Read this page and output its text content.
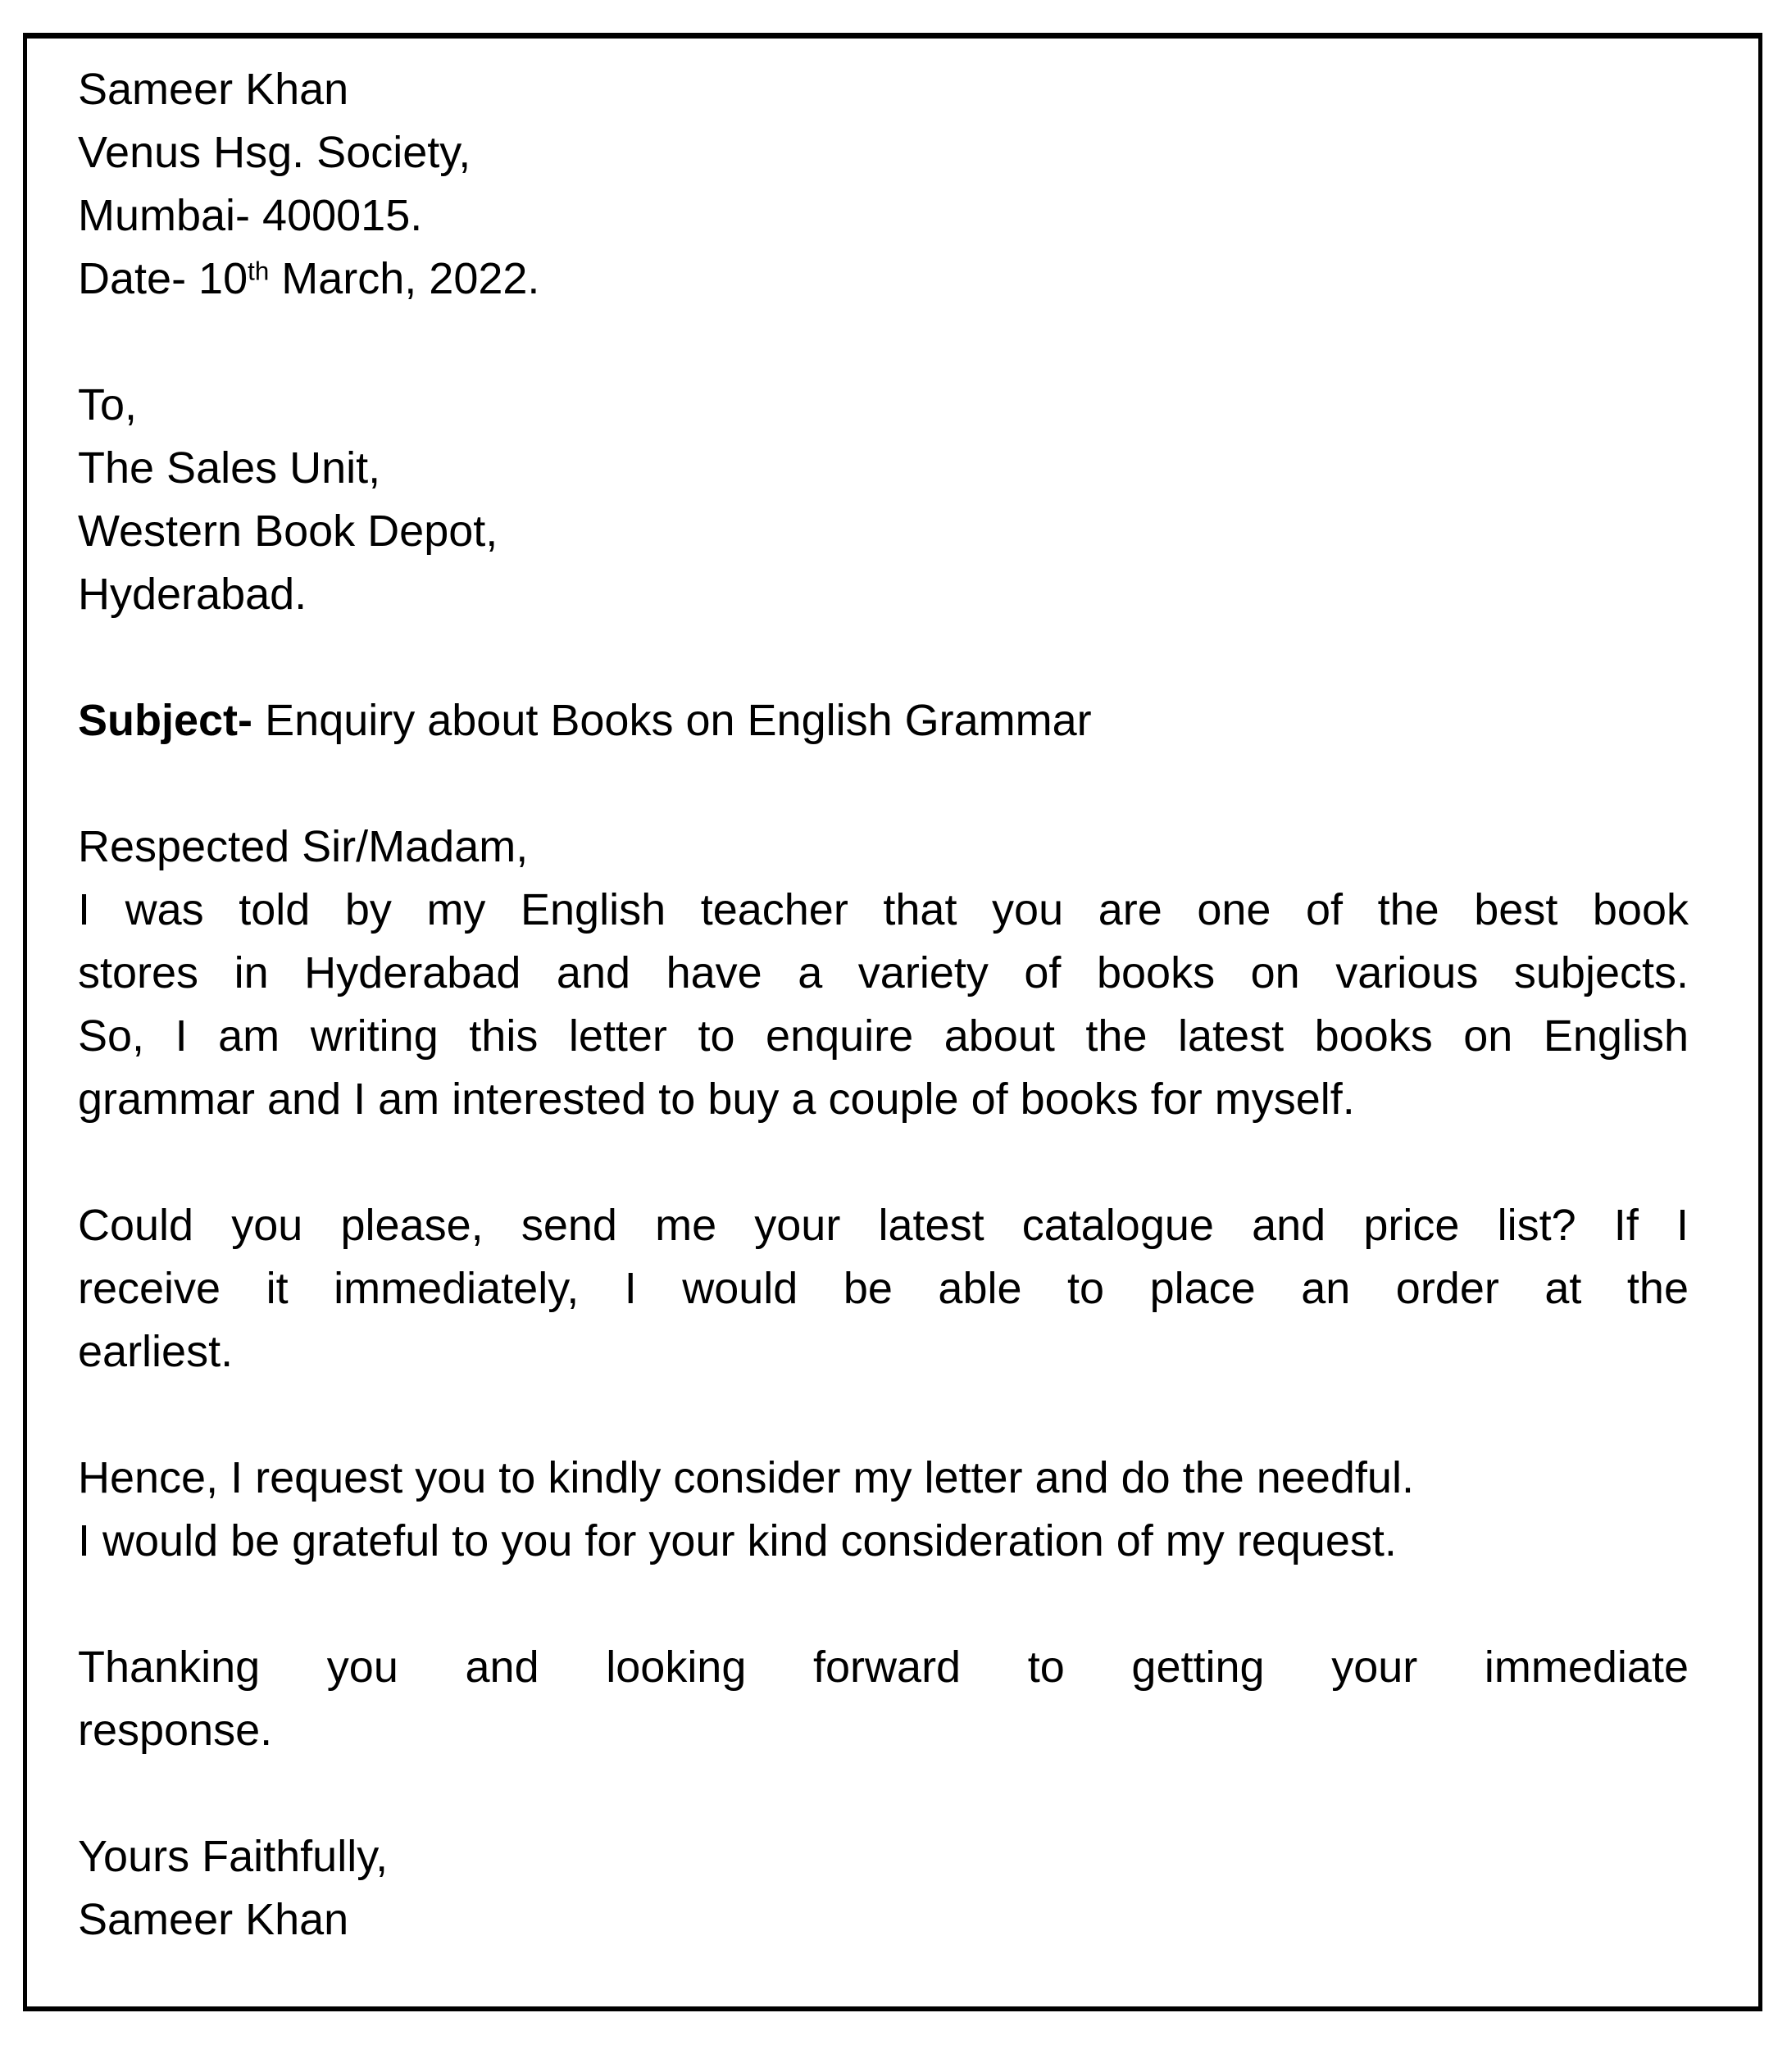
Sameer Khan
Venus Hsg. Society,
Mumbai- 400015.
Date- 10th March, 2022.
To,
The Sales Unit,
Western Book Depot,
Hyderabad.
Subject- Enquiry about Books on English Grammar
Respected Sir/Madam,
I was told by my English teacher that you are one of the best book
stores in Hyderabad and have a variety of books on various subjects.
So, I am writing this letter to enquire about the latest books on English
grammar and I am interested to buy a couple of books for myself.
Could you please, send me your latest catalogue and price list? If I
receive it immediately, I would be able to place an order at the
earliest.
Hence, I request you to kindly consider my letter and do the needful.
I would be grateful to you for your kind consideration of my request.
Thanking you and looking forward to getting your immediate
response.
Yours Faithfully,
Sameer Khan
